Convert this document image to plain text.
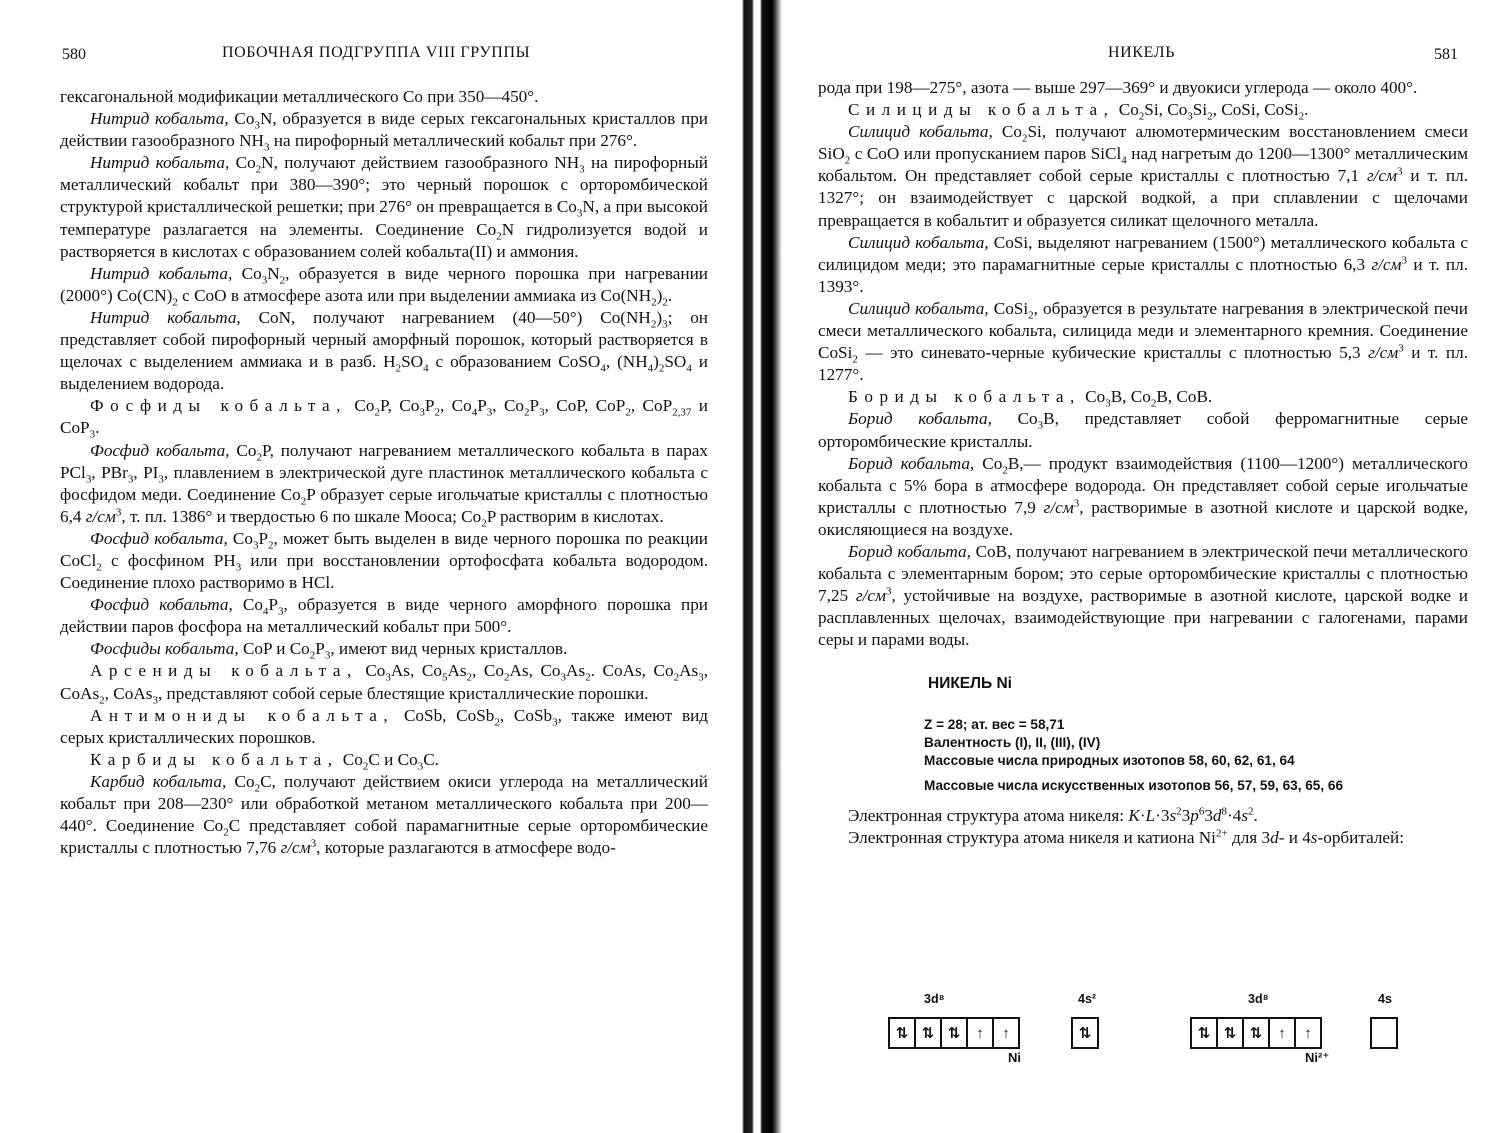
580	ПОБОЧНАЯ ПОДГРУППА VIII ГРУППЫ

гексагональной модификации металлического Co при 350—450°.

Нитрид кобальта, $Co_3N$, образуется в виде серых гексагональных кристаллов при действии газообразного $NH_3$ на пирофорный металлический кобальт при 276°.

Нитрид кобальта, $Co_2N$, получают действием газообразного $NH_3$ на пирофорный металлический кобальт при 380—390°; это черный порошок с орторомбической структурой кристаллической решетки; при 276° он превращается в $Co_3N$, а при высокой температуре разлагается на элементы. Соединение $Co_2N$ гидролизуется водой и растворяется в кислотах с образованием солей кобальта(II) и аммония.

Нитрид кобальта, $Co_3N_2$, образуется в виде черного порошка при нагревании (2000°) $Co(CN)_2$ с CoO в атмосфере азота или при выделении аммиака из $Co(NH_2)_2$.

Нитрид кобальта, CoN, получают нагреванием (40—50°) $Co(NH_2)_3$; он представляет собой пирофорный черный аморфный порошок, который растворяется в щелочах с выделением аммиака и в разб. $H_2SO_4$ с образованием CoSO$_4$, $(NH_4)_2SO_4$ и выделением водорода.

Фосфиды кобальта, $Co_2P$, $Co_3P_2$, $Co_4P_3$, $Co_2P_3$, CoP, CoP$_2$, CoP$_{2,37}$ и CoP$_3$.

Фосфид кобальта, $Co_2P$, получают нагреванием металлического кобальта в парах PCl$_3$, PBr$_3$, $PI_3$, плавлением в электрической дуге пластинок металлического кобальта с фосфидом меди. Соединение $Co_2P$ образует серые игольчатые кристаллы с плотностью 6,4 $г/см^3$, т. пл. 1386° и твердостью 6 по шкале Мооса; $Co_2P$ растворим в кислотах.

Фосфид кобальта, $Co_3P_2$, может быть выделен в виде черного порошка по реакции CoCl$_2$ с фосфином $PH_3$ или при восстановлении ортофосфата кобальта водородом. Соединение плохо растворимо в HCl.

Фосфид кобальта, $Co_4P_3$, образуется в виде черного аморфного порошка при действии паров фосфора на металлический кобальт при 500°.

Фосфиды кобальта, CoP и $Co_2P_3$, имеют вид черных кристаллов.

Арсениды кобальта, $Co_3As$, $Co_5As_2$, $Co_2As$, $Co_3As_2$. CoAs, $Co_2As_3$, CoAs$_2$, CoAs$_3$, представляют собой серые блестящие кристаллические порошки.

Антимониды кобальта, CoSb, CoSb$_2$, CoSb$_3$, также имеют вид серых кристаллических порошков.

Карбиды кобальта, $Co_2C$ и $Co_3C$.

Карбид кобальта, $Co_2C$, получают действием окиси углерода на металлический кобальт при 208—230° или обработкой метаном металлического кобальта при 200—440°. Соединение $Co_2C$ представляет собой парамагнитные серые орторомбические кристаллы с плотностью 7,76 $г/см^3$, которые разлагаются в атмосфере водо-

НИКЕЛЬ	581

рода при 198—275°, азота — выше 297—369° и двуокиси углерода — около 400°.

Силициды кобальта, $Co_2Si$, $Co_3Si_2$, CoSi, CoSi$_2$.

Силицид кобальта, $Co_2Si$, получают алюмотермическим восстановлением смеси SiO$_2$ с CoO или пропусканием паров SiCl$_4$ над нагретым до 1200—1300° металлическим кобальтом. Он представляет собой серые кристаллы с плотностью 7,1 $г/см^3$ и т. пл. 1327°; он взаимодействует с царской водкой, а при сплавлении с щелочами превращается в кобальтит и образуется силикат щелочного металла.

Силицид кобальта, CoSi, выделяют нагреванием (1500°) металлического кобальта с силицидом меди; это парамагнитные серые кристаллы с плотностью 6,3 $г/см^3$ и т. пл. 1393°.

Силицид кобальта, CoSi$_2$, образуется в результате нагревания в электрической печи смеси металлического кобальта, силицида меди и элементарного кремния. Соединение CoSi$_2$ — это синевато-черные кубические кристаллы с плотностью 5,3 $г/см^3$ и т. пл. 1277°.

Бориды кобальта, $Co_3B$, $Co_2B$, CoB.

Борид кобальта, $Co_3B$, представляет собой ферромагнитные серые орторомбические кристаллы.

Борид кобальта, $Co_2B,—$ продукт взаимодействия (1100—1200°) металлического кобальта с 5% бора в атмосфере водорода. Он представляет собой серые игольчатые кристаллы с плотностью 7,9 $г/см^3$, растворимые в азотной кислоте и царской водке, окисляющиеся на воздухе.

Борид кобальта, CoB, получают нагреванием в электрической печи металлического кобальта с элементарным бором; это серые орторомбические кристаллы с плотностью 7,25 $г/см^3$, устойчивые на воздухе, растворимые в азотной кислоте, царской водке и расплавленных щелочах, взаимодействующие при нагревании с галогенами, парами серы и парами воды.

НИКЕЛЬ Ni
Z = 28; ат. вес = 58,71
Валентность (I), II, (III), (IV)
Массовые числа природных изотопов 58, 60, 62, 61, 64
Массовые числа искусственных изотопов 56, 57, 59, 63, 65, 66

Электронная структура атома никеля: $K\cdot L\cdot 3s^23p^63d^8\cdot 4s^2$.

Электронная структура атома никеля и катиона $Ni^{2+}$ для 3d- и 4s-орбиталей:

3d⁸	4s²	3d⁸	4s
⇅ ⇅ ⇅	↑	↑	⇅	⇅ ⇅ ⇅	↑	↑
Ni	Ni²⁺
